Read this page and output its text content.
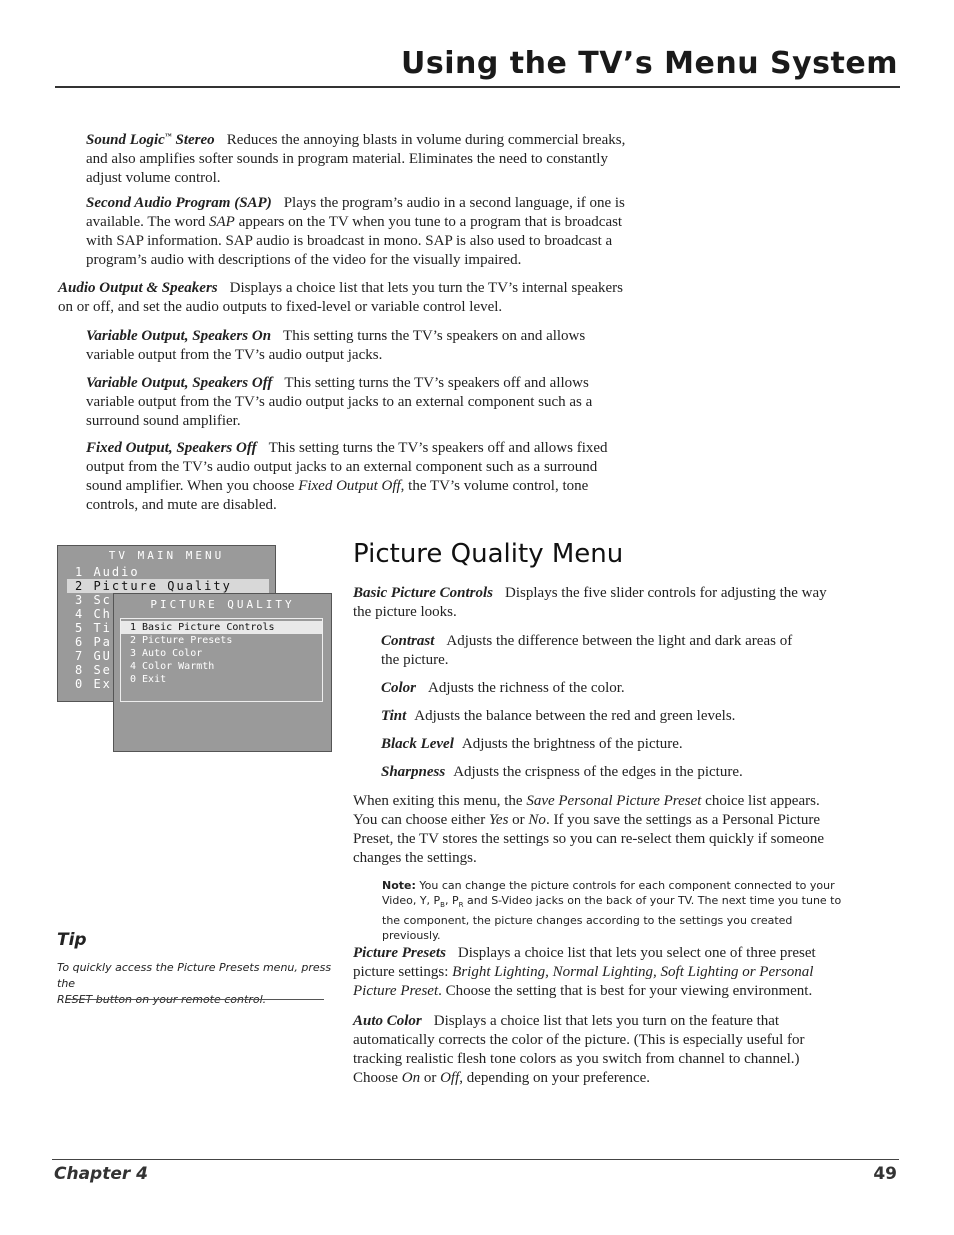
Using the TV’s Menu System
Sound Logic™ Stereo Reduces the annoying blasts in volume during commercial breaks,
and also amplifies softer sounds in program material. Eliminates the need to constantly
adjust volume control.
Second Audio Program (SAP) Plays the program’s audio in a second language, if one is
available. The word SAP appears on the TV when you tune to a program that is broadcast
with SAP information. SAP audio is broadcast in mono. SAP is also used to broadcast a
program’s audio with descriptions of the video for the visually impaired.
Audio Output & Speakers Displays a choice list that lets you turn the TV’s internal speakers
on or off, and set the audio outputs to fixed-level or variable control level.
Variable Output, Speakers On This setting turns the TV’s speakers on and allows
variable output from the TV’s audio output jacks.
Variable Output, Speakers Off This setting turns the TV’s speakers off and allows
variable output from the TV’s audio output jacks to an external component such as a
surround sound amplifier.
Fixed Output, Speakers Off This setting turns the TV’s speakers off and allows fixed
output from the TV’s audio output jacks to an external component such as a surround
sound amplifier. When you choose Fixed Output Off, the TV’s volume control, tone
controls, and mute are disabled.
TV MAIN MENU
1 Audio
2 Picture Quality
3 Sc
4 Ch
5 Ti
6 Pa
7 GU
8 Se
0 Ex
PICTURE QUALITY
1 Basic Picture Controls
2 Picture Presets
3 Auto Color
4 Color Warmth
0 Exit
Picture Quality Menu
Basic Picture Controls Displays the five slider controls for adjusting the way
the picture looks.
Contrast Adjusts the difference between the light and dark areas of
the picture.
Color Adjusts the richness of the color.
Tint Adjusts the balance between the red and green levels.
Black Level Adjusts the brightness of the picture.
Sharpness Adjusts the crispness of the edges in the picture.
When exiting this menu, the Save Personal Picture Preset choice list appears.
You can choose either Yes or No. If you save the settings as a Personal Picture
Preset, the TV stores the settings so you can re-select them quickly if someone
changes the settings.
Note: You can change the picture controls for each component connected to your
Video, Y, $P_B$, $P_R$ and S-Video jacks on the back of your TV. The next time you tune to
the component, the picture changes according to the settings you created
previously.
Picture Presets Displays a choice list that lets you select one of three preset
picture settings: Bright Lighting, Normal Lighting, Soft Lighting or Personal
Picture Preset. Choose the setting that is best for your viewing environment.
Auto Color Displays a choice list that lets you turn on the feature that
automatically corrects the color of the picture. (This is especially useful for
tracking realistic flesh tone colors as you switch from channel to channel.)
Choose On or Off, depending on your preference.
Tip
To quickly access the Picture Presets menu, press the
RESET button on your remote control.
Chapter 4	49
